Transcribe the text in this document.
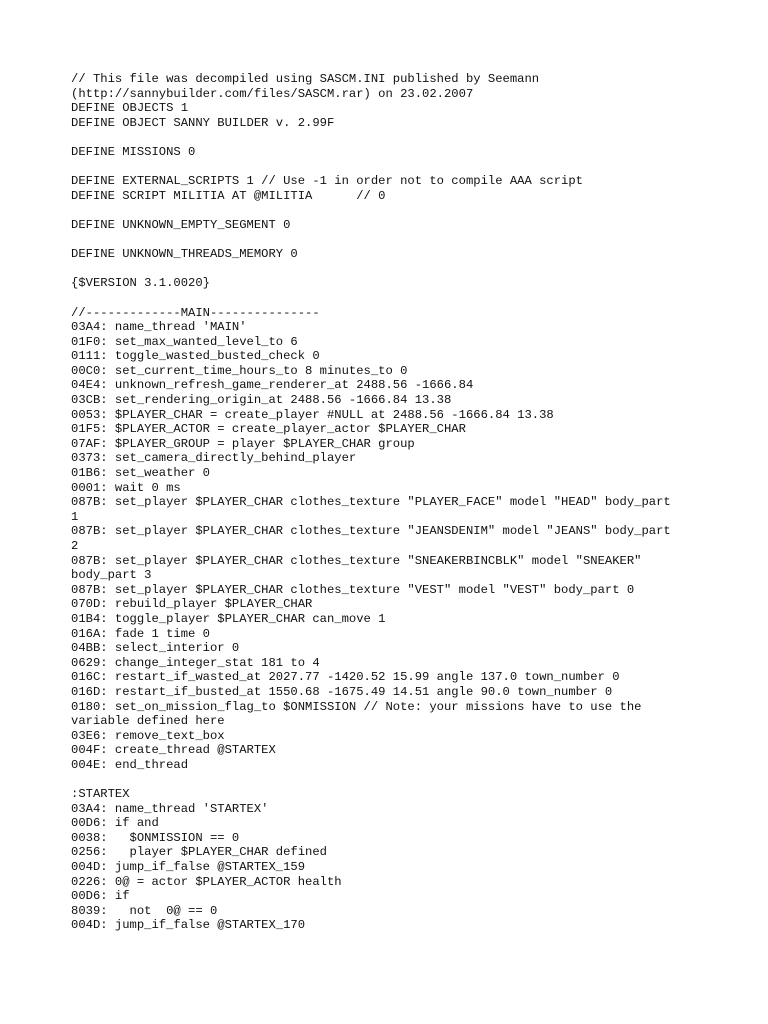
// This file was decompiled using SASCM.INI published by Seemann
(http://sannybuilder.com/files/SASCM.rar) on 23.02.2007
DEFINE OBJECTS 1
DEFINE OBJECT SANNY BUILDER v. 2.99F
DEFINE MISSIONS 0
DEFINE EXTERNAL_SCRIPTS 1 // Use -1 in order not to compile AAA script
DEFINE SCRIPT MILITIA AT @MILITIA      // 0
DEFINE UNKNOWN_EMPTY_SEGMENT 0
DEFINE UNKNOWN_THREADS_MEMORY 0
{$VERSION 3.1.0020}
//-------------MAIN---------------
03A4: name_thread 'MAIN'
01F0: set_max_wanted_level_to 6
0111: toggle_wasted_busted_check 0
00C0: set_current_time_hours_to 8 minutes_to 0
04E4: unknown_refresh_game_renderer_at 2488.56 -1666.84
03CB: set_rendering_origin_at 2488.56 -1666.84 13.38
0053: $PLAYER_CHAR = create_player #NULL at 2488.56 -1666.84 13.38
01F5: $PLAYER_ACTOR = create_player_actor $PLAYER_CHAR
07AF: $PLAYER_GROUP = player $PLAYER_CHAR group
0373: set_camera_directly_behind_player
01B6: set_weather 0
0001: wait 0 ms
087B: set_player $PLAYER_CHAR clothes_texture "PLAYER_FACE" model "HEAD" body_part
1
087B: set_player $PLAYER_CHAR clothes_texture "JEANSDENIM" model "JEANS" body_part
2
087B: set_player $PLAYER_CHAR clothes_texture "SNEAKERBINCBLK" model "SNEAKER"
body_part 3
087B: set_player $PLAYER_CHAR clothes_texture "VEST" model "VEST" body_part 0
070D: rebuild_player $PLAYER_CHAR
01B4: toggle_player $PLAYER_CHAR can_move 1
016A: fade 1 time 0
04BB: select_interior 0
0629: change_integer_stat 181 to 4
016C: restart_if_wasted_at 2027.77 -1420.52 15.99 angle 137.0 town_number 0
016D: restart_if_busted_at 1550.68 -1675.49 14.51 angle 90.0 town_number 0
0180: set_on_mission_flag_to $ONMISSION // Note: your missions have to use the
variable defined here
03E6: remove_text_box
004F: create_thread @STARTEX
004E: end_thread
:STARTEX
03A4: name_thread 'STARTEX'
00D6: if and
0038:   $ONMISSION == 0
0256:   player $PLAYER_CHAR defined
004D: jump_if_false @STARTEX_159
0226: 0@ = actor $PLAYER_ACTOR health
00D6: if
8039:   not  0@ == 0
004D: jump_if_false @STARTEX_170
